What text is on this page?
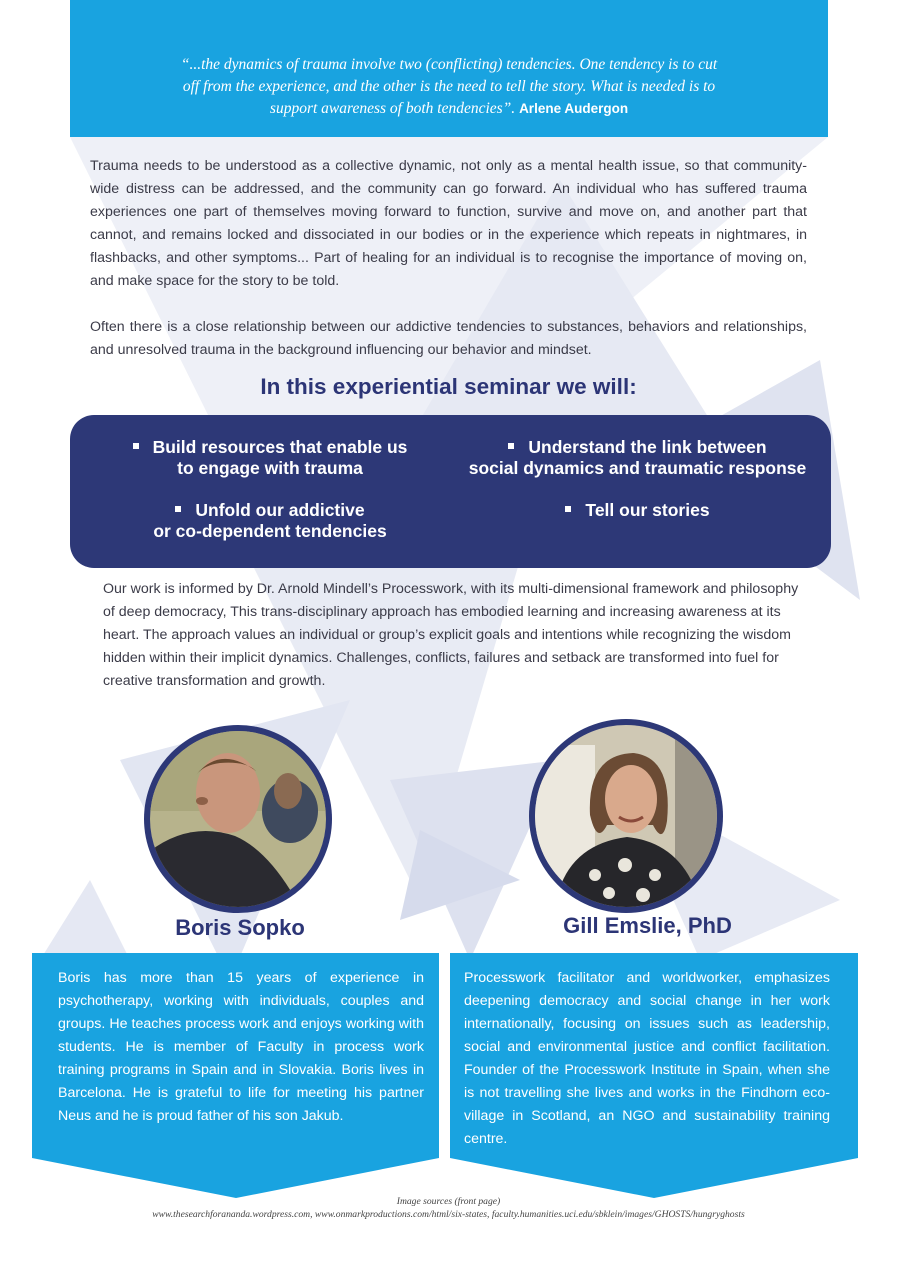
“...the dynamics of trauma involve two (conflicting) tendencies. One tendency is to cut off from the experience, and the other is the need to tell the story. What is needed is to support awareness of both tendencies”. Arlene Audergon

Trauma needs to be understood as a collective dynamic, not only as a mental health issue, so that community-wide distress can be addressed, and the community can go forward. An individual who has suffered trauma experiences one part of themselves moving forward to function, survive and move on, and another part that cannot, and remains locked and dissociated in our bodies or in the experience which repeats in nightmares, in flashbacks, and other symptoms... Part of healing for an individual is to recognise the importance of moving on, and make space for the story to be told.

Often there is a close relationship between our addictive tendencies to substances, behaviors and relationships, and unresolved trauma in the background influencing our behavior and mindset.

In this experiential seminar we will:
Build resources that enable us
to engage with trauma
Understand the link between
social dynamics and traumatic response
Unfold our addictive
or co-dependent tendencies
Tell our stories
Our work is informed by Dr. Arnold Mindell’s Processwork, with its multi-dimensional framework and philosophy of deep democracy, This trans-disciplinary approach has embodied learning and increasing awareness at its heart. The approach values an individual or group’s explicit goals and intentions while recognizing the wisdom hidden within their implicit dynamics. Challenges, conflicts, failures and setback are transformed into fuel for
creative transformation and growth.
Boris Sopko	Gill Emslie, PhD
Boris has more than 15 years of experience in psychotherapy, working with individuals, couples and groups. He teaches process work and enjoys working with students. He is member of Faculty in process work training programs in Spain and in Slovakia. Boris lives in Barcelona. He is grateful to life for meeting his partner Neus and he is proud father of his son Jakub.
Processwork facilitator and worldworker, emphasizes deepening democracy and social change in her work internationally, focusing on issues such as leadership, social and environmental justice and conflict facilitation. Founder of the Processwork Institute in Spain, when she is not travelling she lives and works in the Findhorn eco-village in Scotland, an NGO and sustainability training centre.
Image sources (front page)
www.thesearchforananda.wordpress.com, www.onmarkproductions.com/html/six-states, faculty.humanities.uci.edu/sbklein/images/GHOSTS/hungryghosts
